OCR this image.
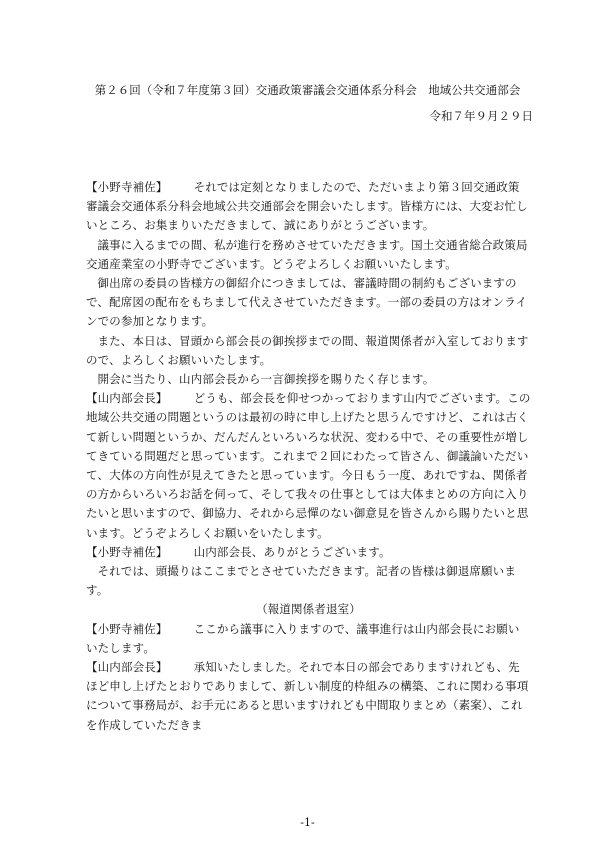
第２６回（令和７年度第３回）交通政策審議会交通体系分科会　地域公共交通部会
令和７年９月２９日

【小野寺補佐】 それでは定刻となりましたので、ただいまより第３回交通政策審議会交通体系分科会地域公共交通部会を開会いたします。皆様方には、大変お忙しいところ、お集まりいただきまして、誠にありがとうございます。

議事に入るまでの間、私が進行を務めさせていただきます。国土交通省総合政策局交通産業室の小野寺でございます。どうぞよろしくお願いいたします。

御出席の委員の皆様方の御紹介につきましては、審議時間の制約もございますので、配席図の配布をもちまして代えさせていただきます。一部の委員の方はオンラインでの参加となります。

また、本日は、冒頭から部会長の御挨拶までの間、報道関係者が入室しておりますので、よろしくお願いいたします。

開会に当たり、山内部会長から一言御挨拶を賜りたく存じます。

【山内部会長】 どうも、部会長を仰せつかっております山内でございます。この地域公共交通の問題というのは最初の時に申し上げたと思うんですけど、これは古くて新しい問題というか、だんだんといろいろな状況、変わる中で、その重要性が増してきている問題だと思っています。これまで２回にわたって皆さん、御議論いただいて、大体の方向性が見えてきたと思っています。今日もう一度、あれですね、関係者の方からいろいろお話を伺って、そして我々の仕事としては大体まとめの方向に入りたいと思いますので、御協力、それから忌憚のない御意見を皆さんから賜りたいと思います。どうぞよろしくお願いをいたします。

【小野寺補佐】 山内部会長、ありがとうございます。

それでは、頭撮りはここまでとさせていただきます。記者の皆様は御退席願います。

（報道関係者退室）

【小野寺補佐】 ここから議事に入りますので、議事進行は山内部会長にお願いいたします。

【山内部会長】 承知いたしました。それで本日の部会でありますけれども、先ほど申し上げたとおりでありまして、新しい制度的枠組みの構築、これに関わる事項について事務局が、お手元にあると思いますけれども中間取りまとめ（素案）、これを作成していただきま

-1-
